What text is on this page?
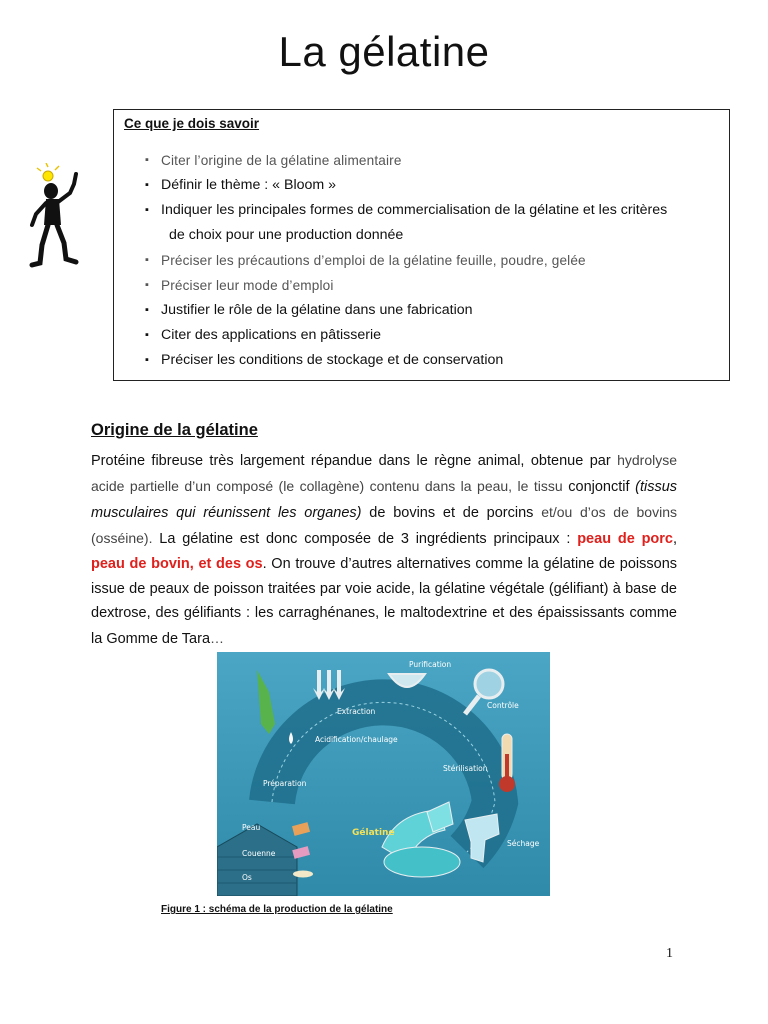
La gélatine
Ce que je dois savoir
▪ Citer l’origine de la gélatine alimentaire
▪ Définir le thème : « Bloom »
▪ Indiquer les principales formes de commercialisation de la gélatine et les critères
de choix pour une production donnée
▪ Préciser les précautions d’emploi de la gélatine feuille, poudre, gelée
▪ Préciser leur mode d’emploi
▪ Justifier le rôle de la gélatine dans une fabrication
▪ Citer des applications en pâtisserie
▪ Préciser les conditions de stockage et de conservation
Origine de la gélatine

Protéine fibreuse très largement répandue dans le règne animal, obtenue par hydrolyse acide partielle d’un composé (le collagène) contenu dans la peau, le tissu conjonctif (tissus musculaires qui réunissent les organes) de bovins et de porcins et/ou d’os de bovins (osséine). La gélatine est donc composée de 3 ingrédients principaux : peau de porc, peau de bovin, et des os. On trouve d’autres alternatives comme la gélatine de poissons issue de peaux de poisson traitées par voie acide, la gélatine végétale (gélifiant) à base de dextrose, des gélifiants : les carraghénanes, le maltodextrine et des épaississants comme la Gomme de Tara…

Purification
Contrôle
Extraction
Acidification/chaulage
Stérilisation
Préparation
Séchage
Peau
Couenne
Os
Gélatine
Figure 1 : schéma de la production de la gélatine
1
